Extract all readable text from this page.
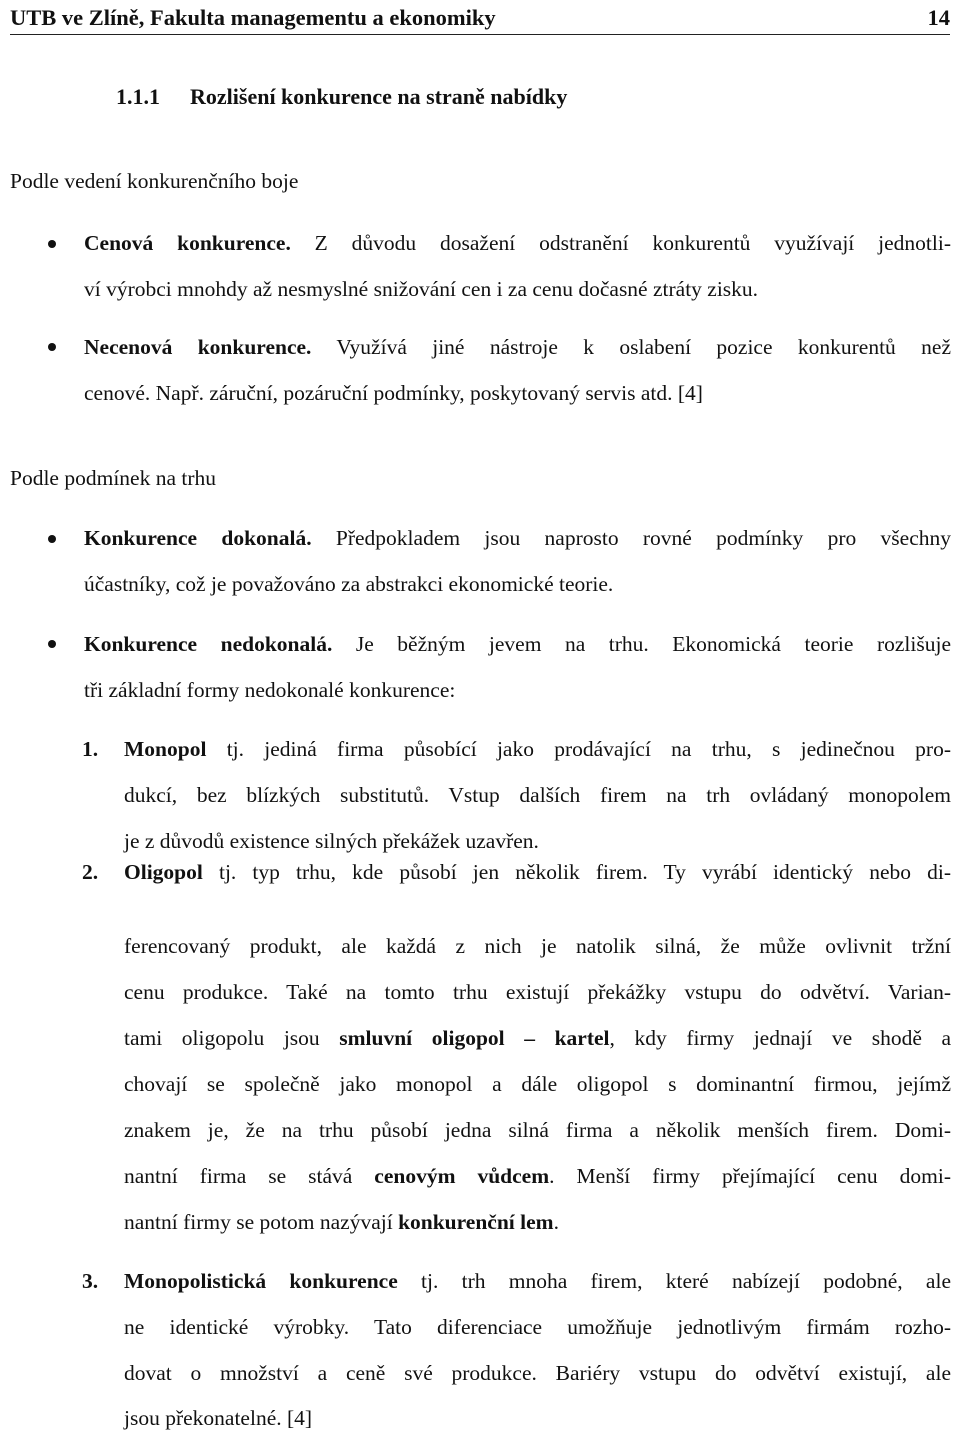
UTB ve Zlíně, Fakulta managementu a ekonomiky	14
1.1.1	Rozlišení konkurence na straně nabídky
Podle vedení konkurenčního boje
Cenová konkurence. Z důvodu dosažení odstranění konkurentů využívají jednotli-
ví výrobci mnohdy až nesmyslné snižování cen i za cenu dočasné ztráty zisku.
Necenová konkurence. Využívá jiné nástroje k oslabení pozice konkurentů než
cenové. Např. záruční, pozáruční podmínky, poskytovaný servis atd. [4]
Podle podmínek na trhu
Konkurence dokonalá. Předpokladem jsou naprosto rovné podmínky pro všechny
účastníky, což je považováno za abstrakci ekonomické teorie.
Konkurence nedokonalá. Je běžným jevem na trhu. Ekonomická teorie rozlišuje
tři základní formy nedokonalé konkurence:
1. Monopol tj. jediná firma působící jako prodávající na trhu, s jedinečnou pro-
dukcí, bez blízkých substitutů. Vstup dalších firem na trh ovládaný monopolem
je z důvodů existence silných překážek uzavřen.
2. Oligopol tj. typ trhu, kde působí jen několik firem. Ty vyrábí identický nebo di-
ferencovaný produkt, ale každá z nich je natolik silná, že může ovlivnit tržní
cenu produkce. Také na tomto trhu existují překážky vstupu do odvětví. Varian-
tami oligopolu jsou smluvní oligopol – kartel, kdy firmy jednají ve shodě a
chovají se společně jako monopol a dále oligopol s dominantní firmou, jejímž
znakem je, že na trhu působí jedna silná firma a několik menších firem. Domi-
nantní firma se stává cenovým vůdcem. Menší firmy přejímající cenu domi-
nantní firmy se potom nazývají konkurenční lem.
3. Monopolistická konkurence tj. trh mnoha firem, které nabízejí podobné, ale
ne identické výrobky. Tato diferenciace umožňuje jednotlivým firmám rozho-
dovat o množství a ceně své produkce. Bariéry vstupu do odvětví existují, ale
jsou překonatelné. [4]
